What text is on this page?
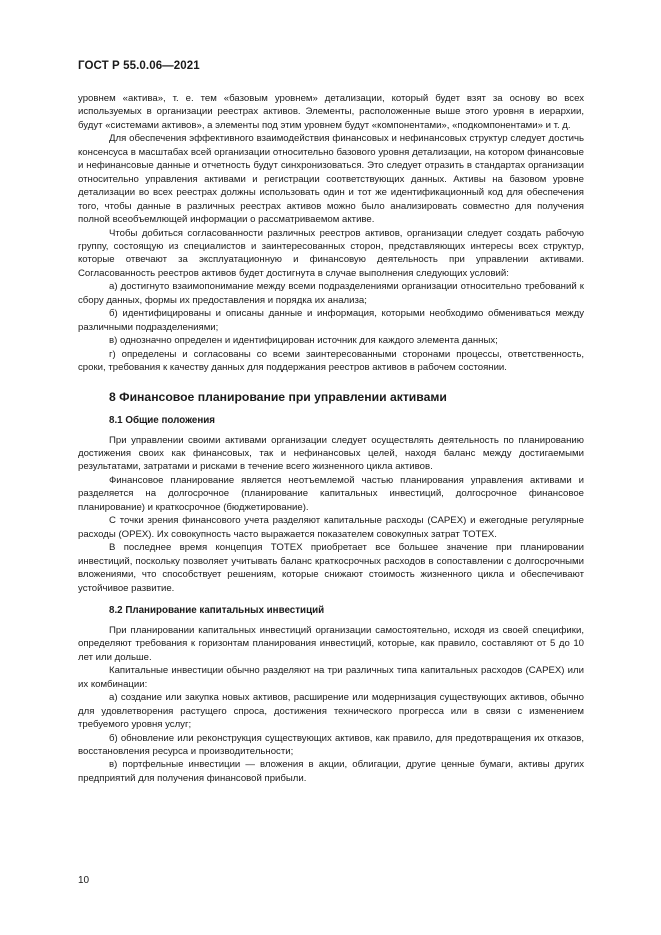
ГОСТ Р 55.0.06—2021
уровнем «актива», т. е. тем «базовым уровнем» детализации, который будет взят за основу во всех используемых в организации реестрах активов. Элементы, расположенные выше этого уровня в иерархии, будут «системами активов», а элементы под этим уровнем будут «компонентами», «подкомпонентами» и т. д.
Для обеспечения эффективного взаимодействия финансовых и нефинансовых структур следует достичь консенсуса в масштабах всей организации относительно базового уровня детализации, на котором финансовые и нефинансовые данные и отчетность будут синхронизоваться. Это следует отразить в стандартах организации относительно управления активами и регистрации соответствующих данных. Активы на базовом уровне детализации во всех реестрах должны использовать один и тот же идентификационный код для обеспечения того, чтобы данные в различных реестрах активов можно было анализировать совместно для получения полной всеобъемлющей информации о рассматриваемом активе.
Чтобы добиться согласованности различных реестров активов, организации следует создать рабочую группу, состоящую из специалистов и заинтересованных сторон, представляющих интересы всех структур, которые отвечают за эксплуатационную и финансовую деятельность при управлении активами. Согласованность реестров активов будет достигнута в случае выполнения следующих условий:
а) достигнуто взаимопонимание между всеми подразделениями организации относительно требований к сбору данных, формы их предоставления и порядка их анализа;
б) идентифицированы и описаны данные и информация, которыми необходимо обмениваться между различными подразделениями;
в) однозначно определен и идентифицирован источник для каждого элемента данных;
г) определены и согласованы со всеми заинтересованными сторонами процессы, ответственность, сроки, требования к качеству данных для поддержания реестров активов в рабочем состоянии.
8 Финансовое планирование при управлении активами
8.1 Общие положения
При управлении своими активами организации следует осуществлять деятельность по планированию достижения своих как финансовых, так и нефинансовых целей, находя баланс между достигаемыми результатами, затратами и рисками в течение всего жизненного цикла активов.
Финансовое планирование является неотъемлемой частью планирования управления активами и разделяется на долгосрочное (планирование капитальных инвестиций, долгосрочное финансовое планирование) и краткосрочное (бюджетирование).
С точки зрения финансового учета разделяют капитальные расходы (CAPEX) и ежегодные регулярные расходы (OPEX). Их совокупность часто выражается показателем совокупных затрат TOTEX.
В последнее время концепция TOTEX приобретает все большее значение при планировании инвестиций, поскольку позволяет учитывать баланс краткосрочных расходов в сопоставлении с долгосрочными вложениями, что способствует решениям, которые снижают стоимость жизненного цикла и обеспечивают устойчивое развитие.
8.2 Планирование капитальных инвестиций
При планировании капитальных инвестиций организации самостоятельно, исходя из своей специфики, определяют требования к горизонтам планирования инвестиций, которые, как правило, составляют от 5 до 10 лет или дольше.
Капитальные инвестиции обычно разделяют на три различных типа капитальных расходов (CAPEX) или их комбинации:
а) создание или закупка новых активов, расширение или модернизация существующих активов, обычно для удовлетворения растущего спроса, достижения технического прогресса или в связи с изменением требуемого уровня услуг;
б) обновление или реконструкция существующих активов, как правило, для предотвращения их отказов, восстановления ресурса и производительности;
в) портфельные инвестиции — вложения в акции, облигации, другие ценные бумаги, активы других предприятий для получения финансовой прибыли.
10
